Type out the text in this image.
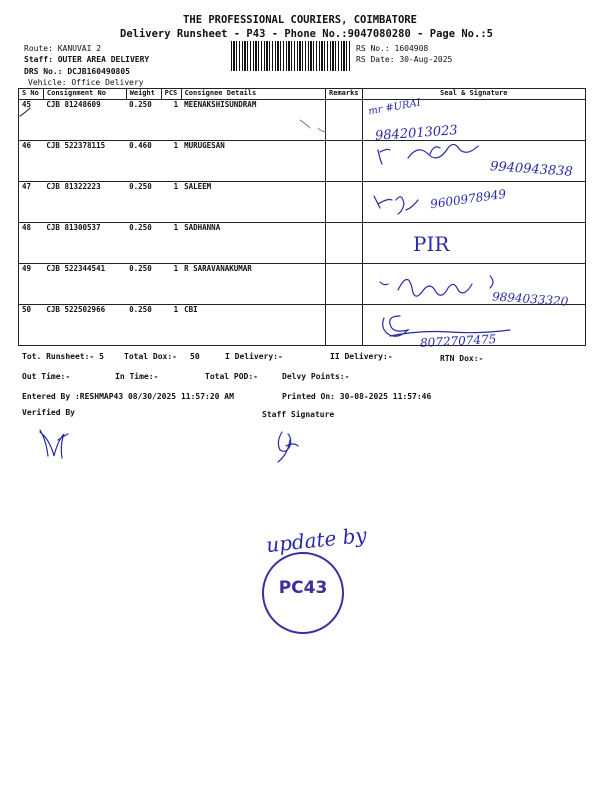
THE PROFESSIONAL COURIERS, COIMBATORE
Delivery Runsheet - P43 - Phone No.:9047080280 - Page No.:5
Route: KANUVAI 2
Staff: OUTER AREA DELIVERY
DRS No.: DCJB160490805
Vehicle: Office Delivery
RS No.: 1604908
RS Date: 30-Aug-2025
S No	Consignment No	Weight	PCS	Consignee Details	Remarks	Seal & Signature
45	CJB 81248609	0.250	1	MEENAKSHISUNDRAM		
46	CJB 522378115	0.460	1	MURUGESAN		
47	CJB 81322223	0.250	1	SALEEM		
48	CJB 81300537	0.250	1	SADHANNA		
49	CJB 522344541	0.250	1	R SARAVANAKUMAR		
50	CJB 522502966	0.250	1	CBI		
mr #URAI
9842013023
9940943838
9600978949
PIR
9894033320
8072707475
Tot. Runsheet:- 5	Total Dox:- 50	I Delivery:-	II Delivery:-	RTN Dox:-
Out Time:-	In Time:-	Total POD:-	Delvy Points:-
Entered By :RESHMAP43 08/30/2025 11:57:20 AM	Printed On: 30-08-2025 11:57:46
Verified By	Staff Signature
update by
PC43
